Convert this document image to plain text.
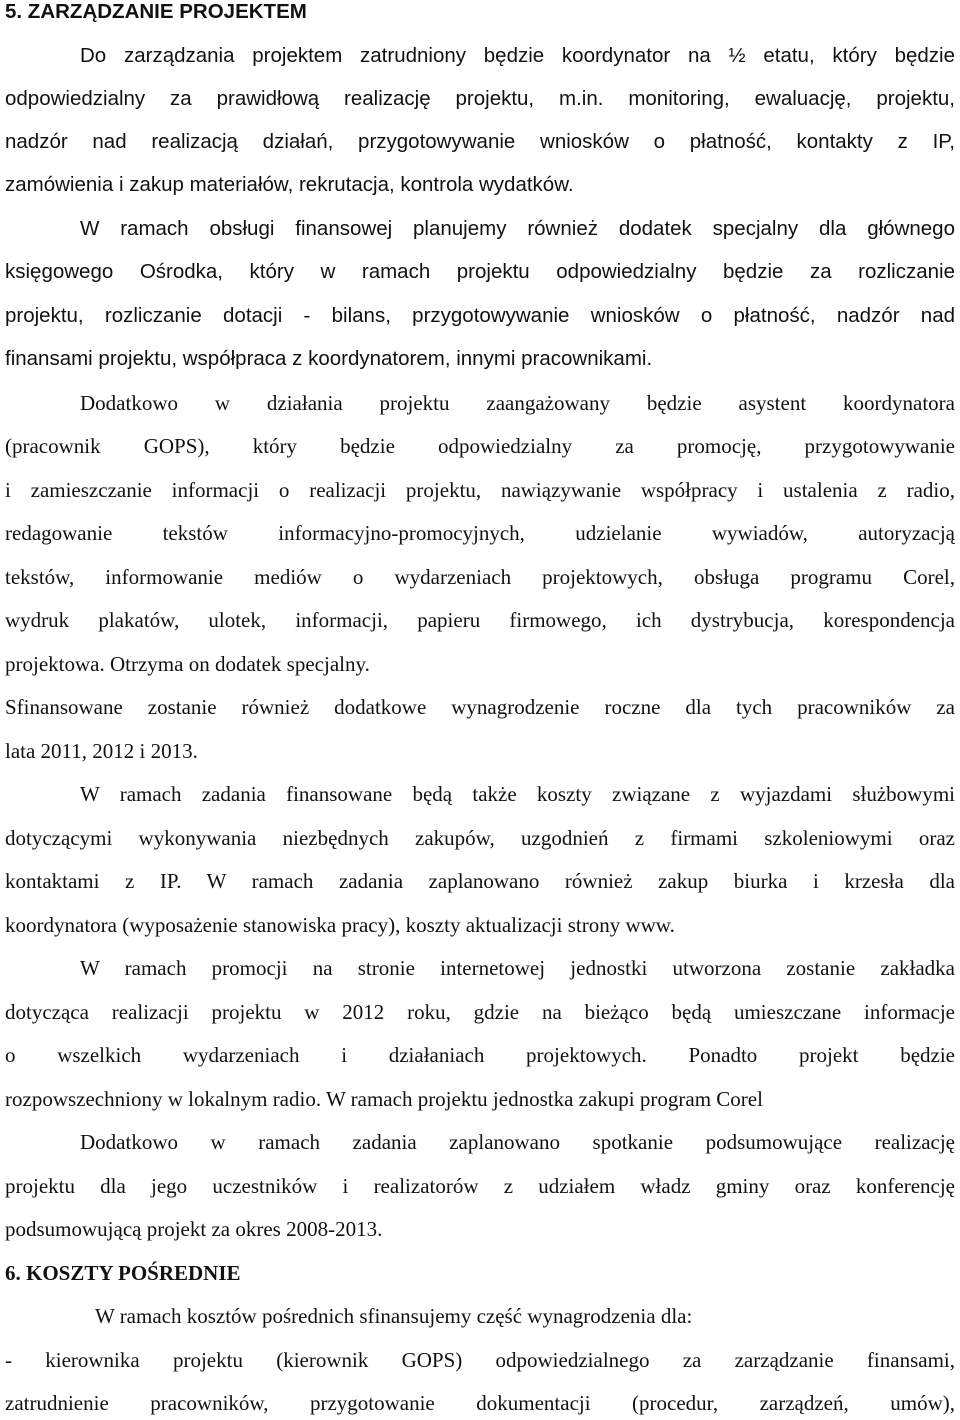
5. ZARZĄDZANIE PROJEKTEM
Do zarządzania projektem zatrudniony będzie koordynator na ½ etatu, który będzie
odpowiedzialny za prawidłową realizację projektu, m.in. monitoring, ewaluację, projektu,
nadzór nad realizacją działań, przygotowywanie wniosków o płatność, kontakty z IP,
zamówienia i zakup materiałów, rekrutacja, kontrola wydatków.
W ramach obsługi finansowej planujemy również dodatek specjalny dla głównego
księgowego Ośrodka, który w ramach projektu odpowiedzialny będzie za rozliczanie
projektu, rozliczanie dotacji - bilans, przygotowywanie wniosków o płatność, nadzór nad
finansami projektu, współpraca z koordynatorem, innymi pracownikami.
Dodatkowo w działania projektu zaangażowany będzie asystent koordynatora
(pracownik GOPS), który będzie odpowiedzialny za promocję, przygotowywanie
i zamieszczanie informacji o realizacji projektu, nawiązywanie współpracy i ustalenia z radio,
redagowanie tekstów informacyjno-promocyjnych, udzielanie wywiadów, autoryzacją
tekstów, informowanie mediów o wydarzeniach projektowych, obsługa programu Corel,
wydruk plakatów, ulotek, informacji, papieru firmowego, ich dystrybucja, korespondencja
projektowa. Otrzyma on dodatek specjalny.
Sfinansowane zostanie również dodatkowe wynagrodzenie roczne dla tych pracowników za
lata 2011, 2012 i 2013.
W ramach zadania finansowane będą także koszty związane z wyjazdami służbowymi
dotyczącymi wykonywania niezbędnych zakupów, uzgodnień z firmami szkoleniowymi oraz
kontaktami z IP. W ramach zadania zaplanowano również zakup biurka i krzesła dla
koordynatora (wyposażenie stanowiska pracy), koszty aktualizacji strony www.
W ramach promocji na stronie internetowej jednostki utworzona zostanie zakładka
dotycząca realizacji projektu w 2012 roku, gdzie na bieżąco będą umieszczane informacje
o wszelkich wydarzeniach i działaniach projektowych. Ponadto projekt będzie
rozpowszechniony w lokalnym radio. W ramach projektu jednostka zakupi program Corel
Dodatkowo w ramach zadania zaplanowano spotkanie podsumowujące realizację
projektu dla jego uczestników i realizatorów z udziałem władz gminy oraz konferencję
podsumowującą projekt za okres 2008-2013.
6. KOSZTY POŚREDNIE
W ramach kosztów pośrednich sfinansujemy część wynagrodzenia dla:
- kierownika projektu (kierownik GOPS) odpowiedzialnego za zarządzanie finansami,
zatrudnienie pracowników, przygotowanie dokumentacji (procedur, zarządzeń, umów),
